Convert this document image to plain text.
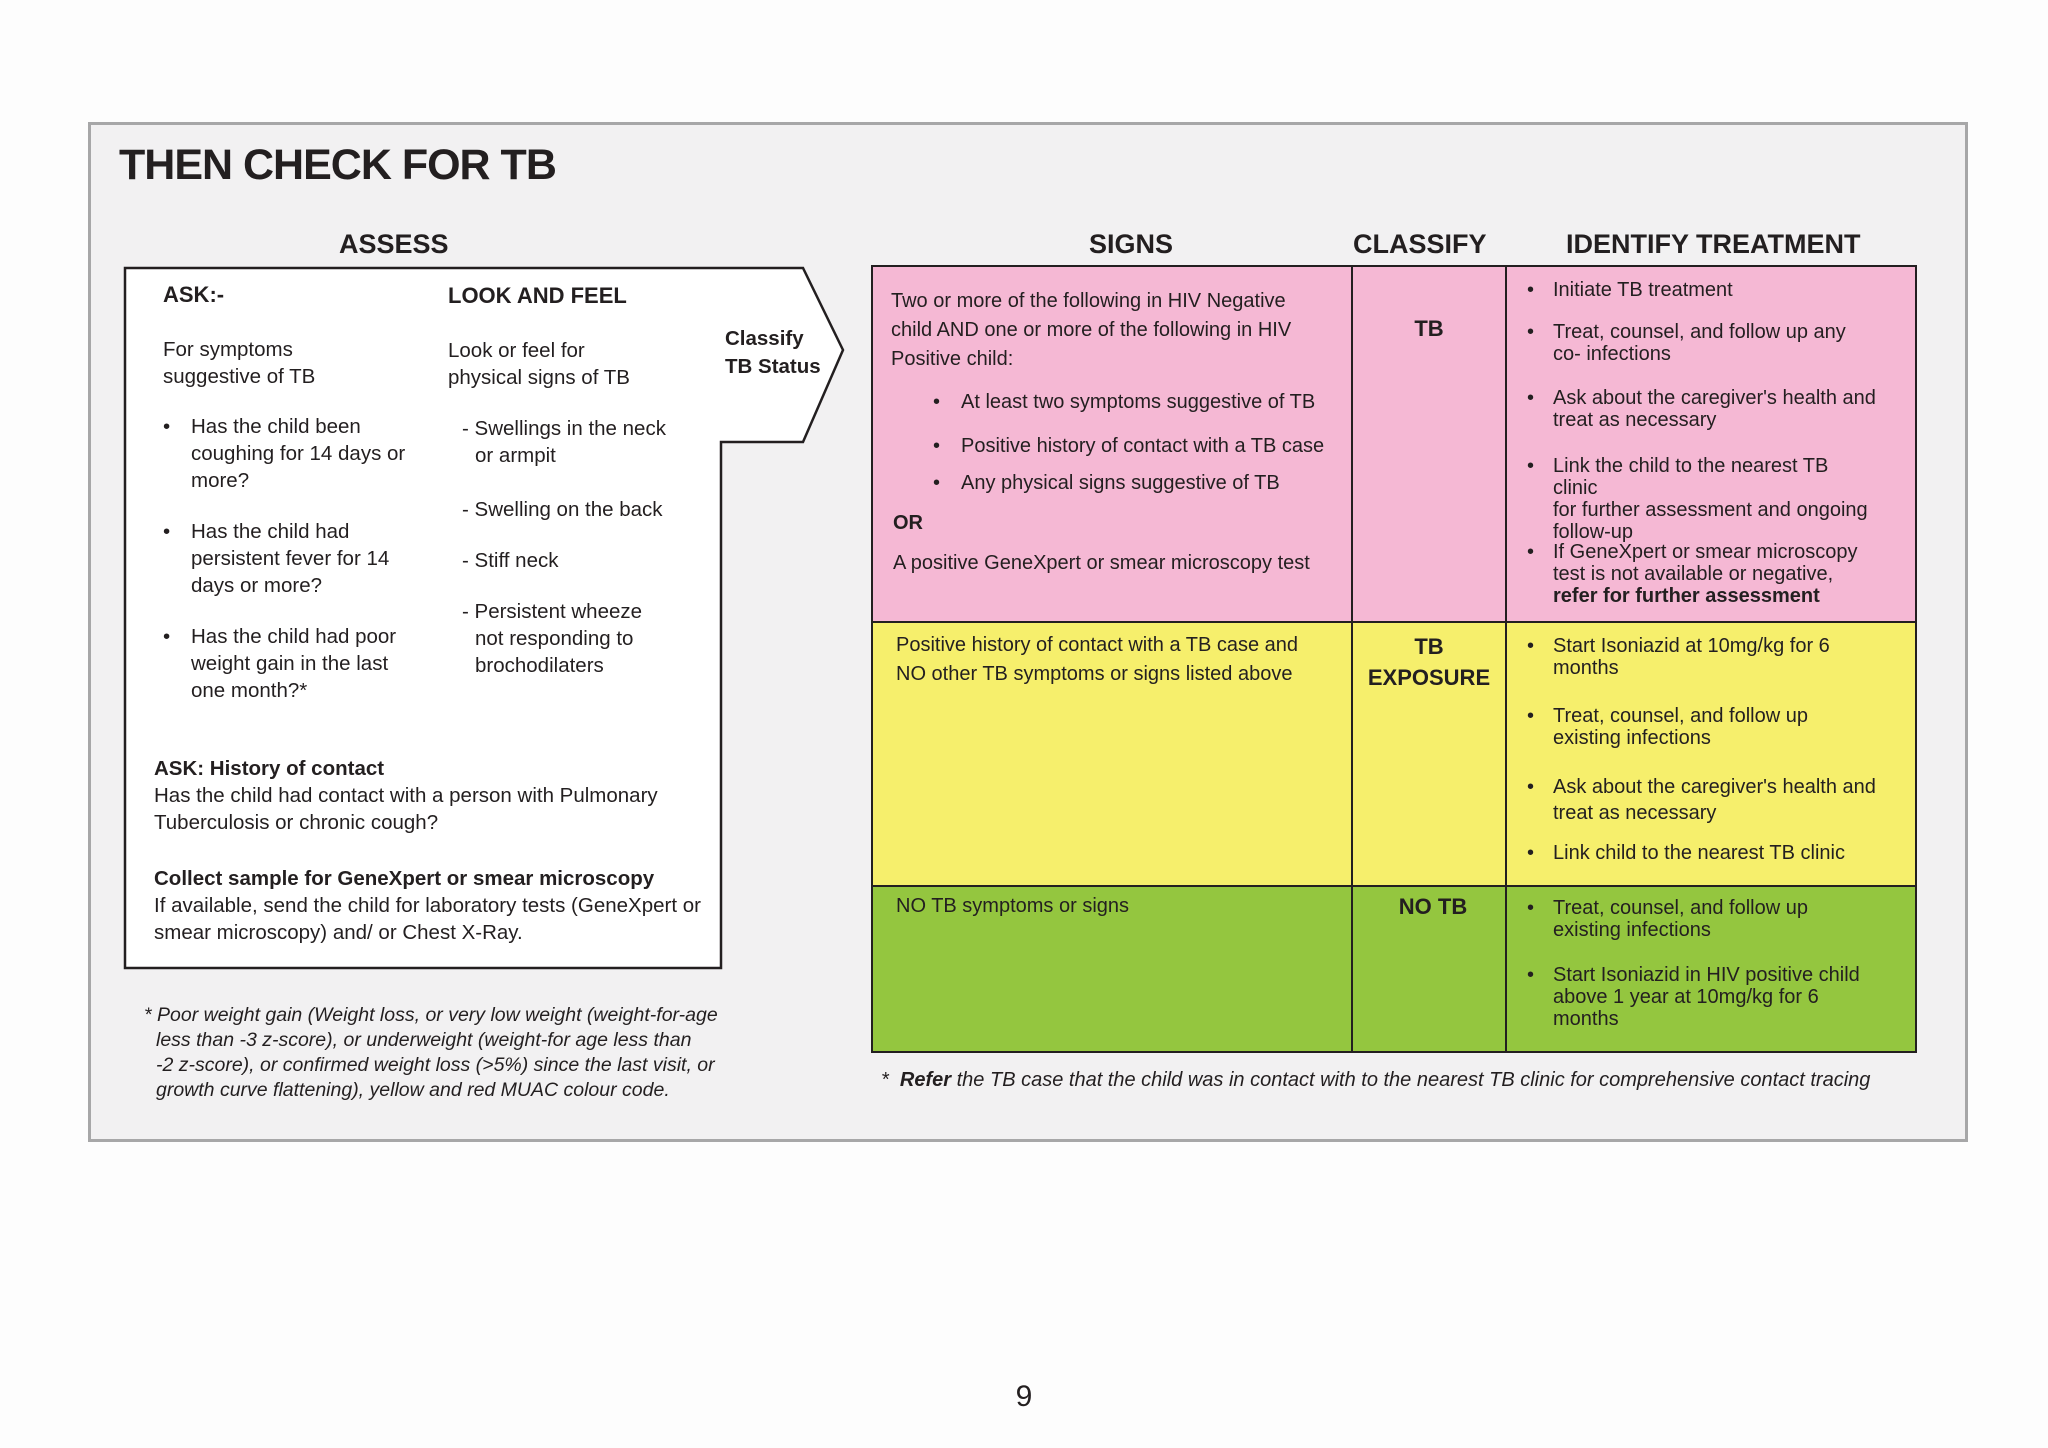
THEN CHECK FOR TB
ASSESS	SIGNS	CLASSIFY	IDENTIFY TREATMENT

ASK:-

For symptoms

suggestive of TB

• Has the child been
coughing for 14 days or
more?
• Has the child had
persistent fever for 14
days or more?
• Has the child had poor
weight gain in the last
one month?*

LOOK AND FEEL

Look or feel for

physical signs of TB

- Swellings in the neck
or armpit
- Swelling on the back
- Stiff neck
- Persistent wheeze
not responding to
brochodilaters

Classify

TB Status

ASK: History of contact

Has the child had contact with a person with Pulmonary

Tuberculosis or chronic cough?

Collect sample for GeneXpert or smear microscopy

If available, send the child for laboratory tests (GeneXpert or

smear microscopy) and/ or Chest X-Ray.

* Poor weight gain (Weight loss, or very low weight (weight-for-age
less than -3 z-score), or underweight (weight-for age less than
-2 z-score), or confirmed weight loss (>5%) since the last visit, or
growth curve flattening), yellow and red MUAC colour code.

Two or more of the following in HIV Negative

child AND one or more of the following in HIV

Positive child:

• At least two symptoms suggestive of TB
• Positive history of contact with a TB case
• Any physical signs suggestive of TB

OR

A positive GeneXpert or smear microscopy test

TB
• Initiate TB treatment
• Treat, counsel, and follow up any
co- infections
• Ask about the caregiver's health and
treat as necessary
• Link the child to the nearest TB clinic
for further assessment and ongoing
follow-up
• If GeneXpert or smear microscopy
test is not available or negative,
refer for further assessment

Positive history of contact with a TB case and

NO other TB symptoms or signs listed above

TB
EXPOSURE
• Start Isoniazid at 10mg/kg for 6
months
• Treat, counsel, and follow up
existing infections
• Ask about the caregiver's health and
treat as necessary
• Link child to the nearest TB clinic

NO TB symptoms or signs	NO TB
•	Treat, counsel, and follow up
existing infections
• Start Isoniazid in HIV positive child
above 1 year at 10mg/kg for 6
months
* Refer the TB case that the child was in contact with to the nearest TB clinic for comprehensive contact tracing
9
